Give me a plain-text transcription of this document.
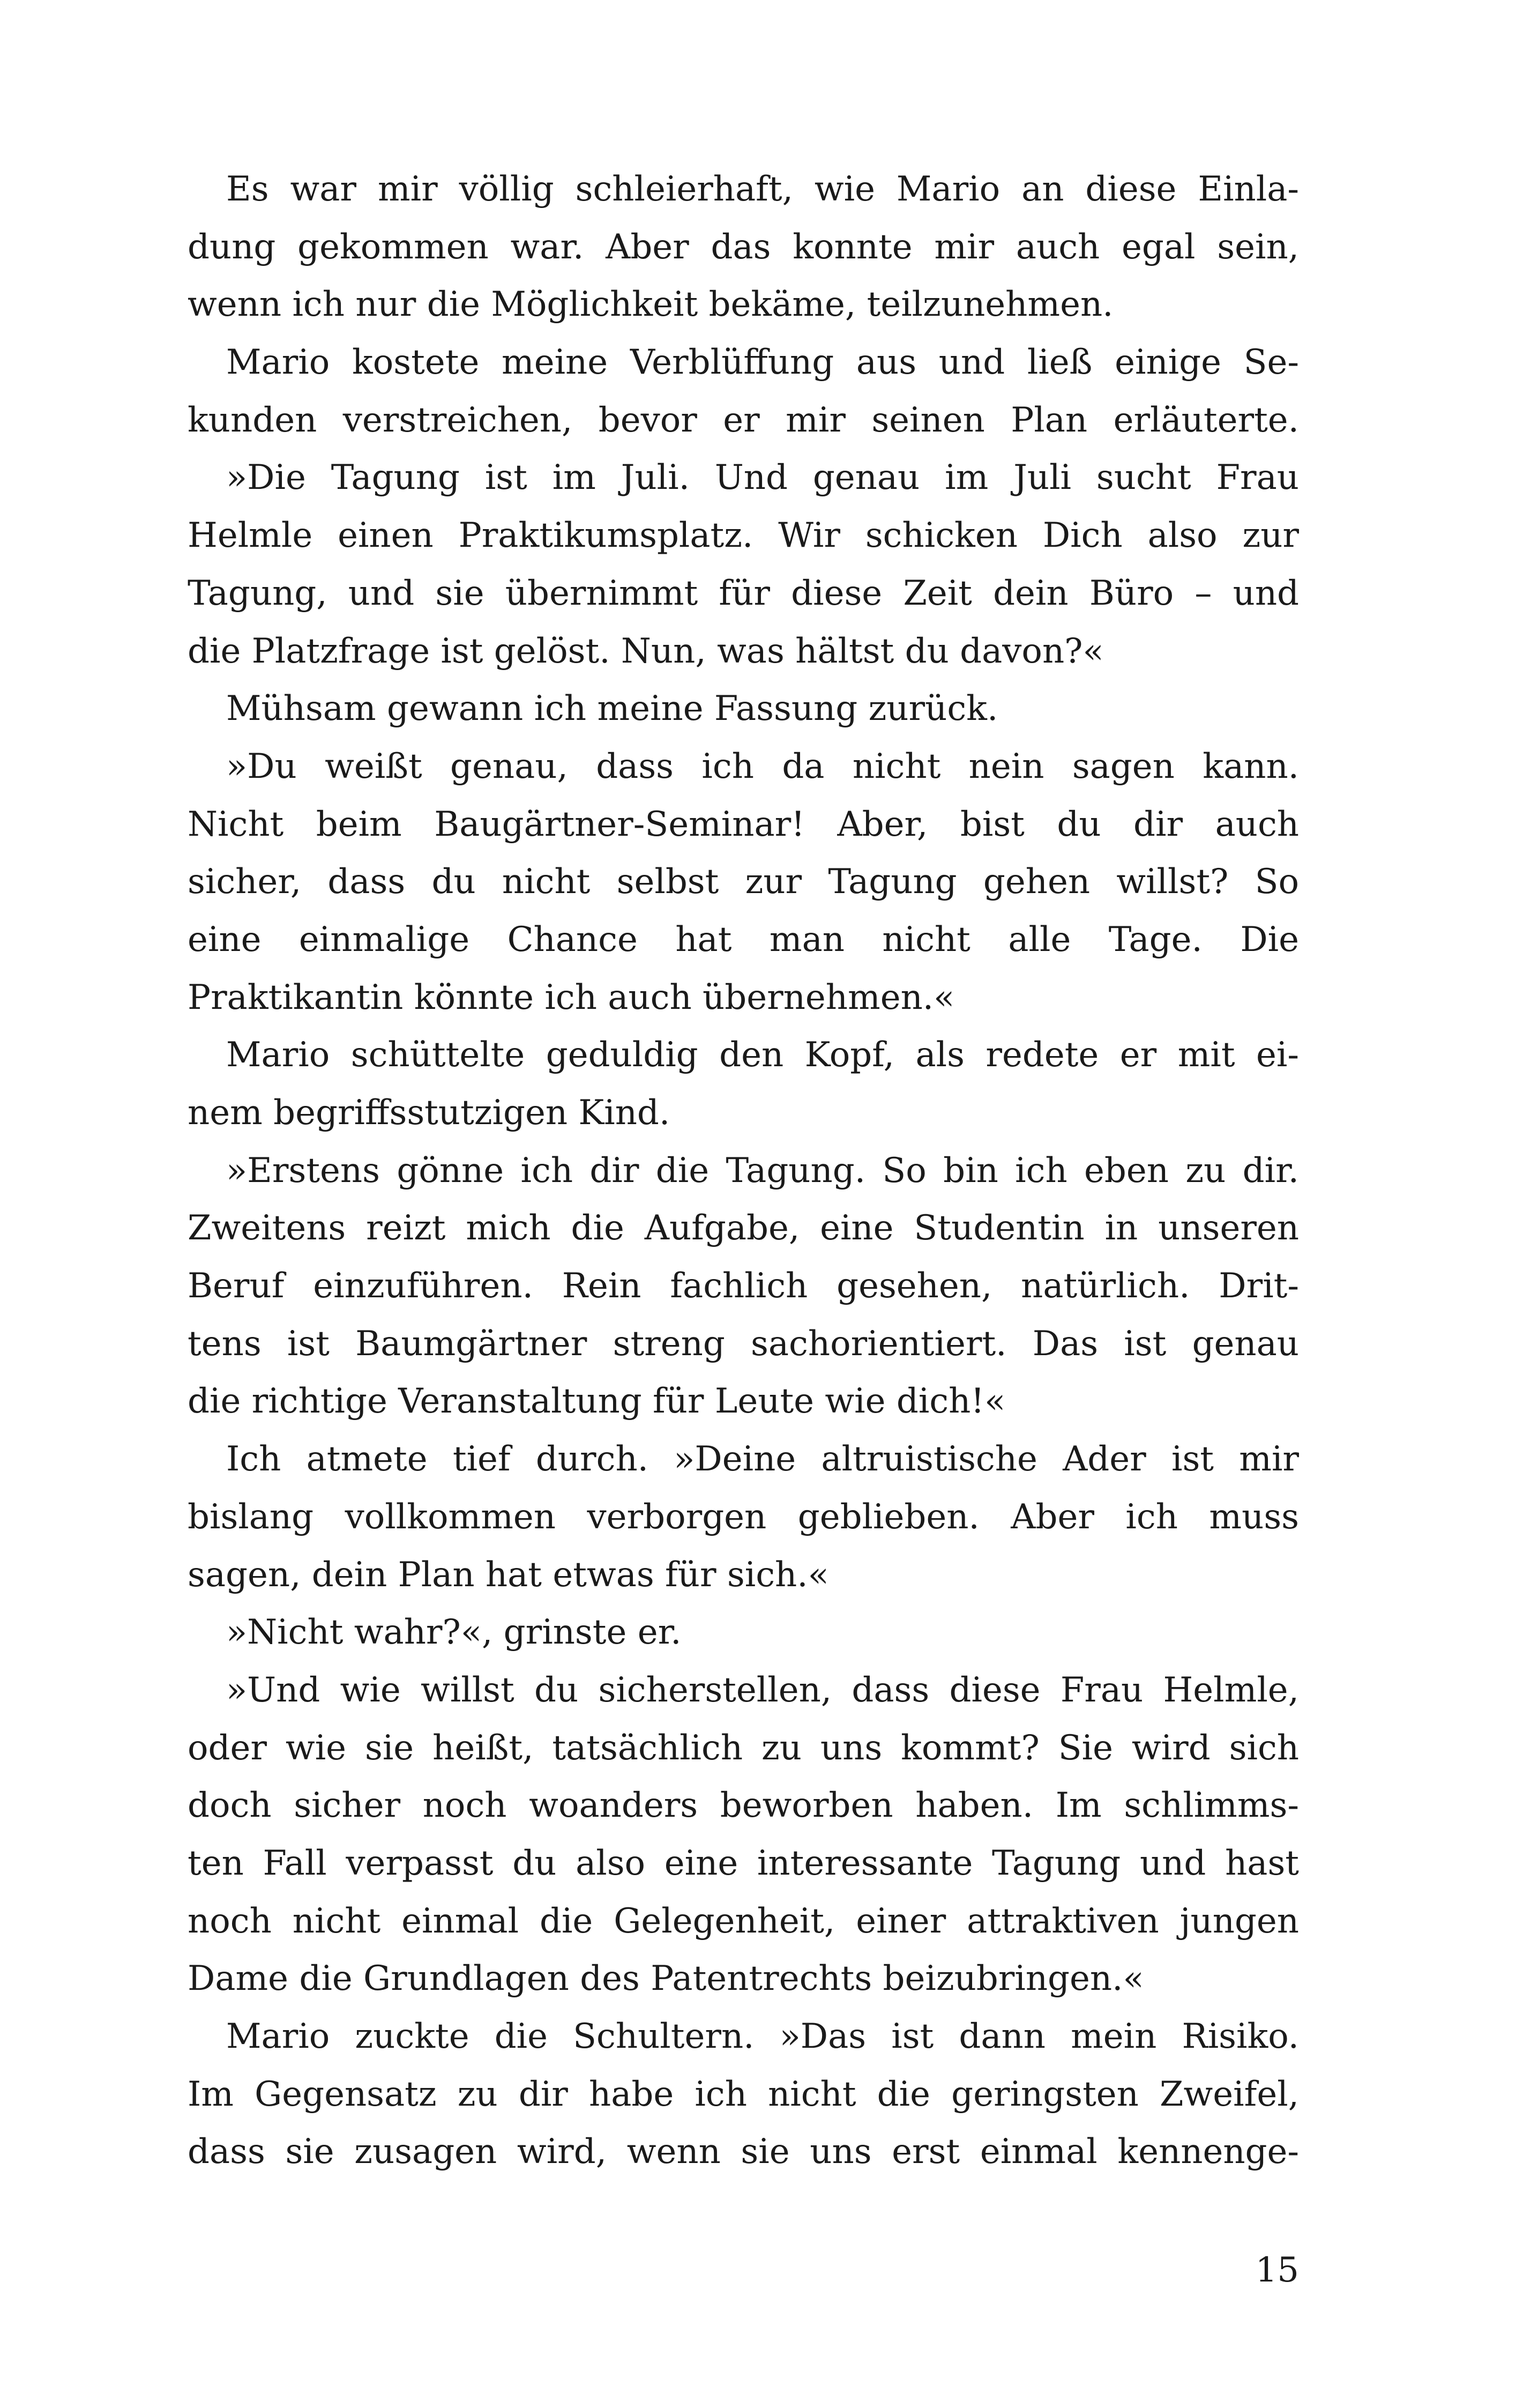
Es war mir völlig schleierhaft, wie Mario an diese Einla-
dung gekommen war. Aber das konnte mir auch egal sein,
wenn ich nur die Möglichkeit bekäme, teilzunehmen.
Mario kostete meine Verblüffung aus und ließ einige Se-
kunden verstreichen, bevor er mir seinen Plan erläuterte.
»Die Tagung ist im Juli. Und genau im Juli sucht Frau
Helmle einen Praktikumsplatz. Wir schicken Dich also zur
Tagung, und sie übernimmt für diese Zeit dein Büro – und
die Platzfrage ist gelöst. Nun, was hältst du davon?«
Mühsam gewann ich meine Fassung zurück.
»Du weißt genau, dass ich da nicht nein sagen kann.
Nicht beim Baugärtner-Seminar! Aber, bist du dir auch
sicher, dass du nicht selbst zur Tagung gehen willst? So
eine einmalige Chance hat man nicht alle Tage. Die
Praktikantin könnte ich auch übernehmen.«
Mario schüttelte geduldig den Kopf, als redete er mit ei-
nem begriffsstutzigen Kind.
»Erstens gönne ich dir die Tagung. So bin ich eben zu dir.
Zweitens reizt mich die Aufgabe, eine Studentin in unseren
Beruf einzuführen. Rein fachlich gesehen, natürlich. Drit-
tens ist Baumgärtner streng sachorientiert. Das ist genau
die richtige Veranstaltung für Leute wie dich!«
Ich atmete tief durch. »Deine altruistische Ader ist mir
bislang vollkommen verborgen geblieben. Aber ich muss
sagen, dein Plan hat etwas für sich.«
»Nicht wahr?«, grinste er.
»Und wie willst du sicherstellen, dass diese Frau Helmle,
oder wie sie heißt, tatsächlich zu uns kommt? Sie wird sich
doch sicher noch woanders beworben haben. Im schlimms-
ten Fall verpasst du also eine interessante Tagung und hast
noch nicht einmal die Gelegenheit, einer attraktiven jungen
Dame die Grundlagen des Patentrechts beizubringen.«
Mario zuckte die Schultern. »Das ist dann mein Risiko.
Im Gegensatz zu dir habe ich nicht die geringsten Zweifel,
dass sie zusagen wird, wenn sie uns erst einmal kennenge-
15
